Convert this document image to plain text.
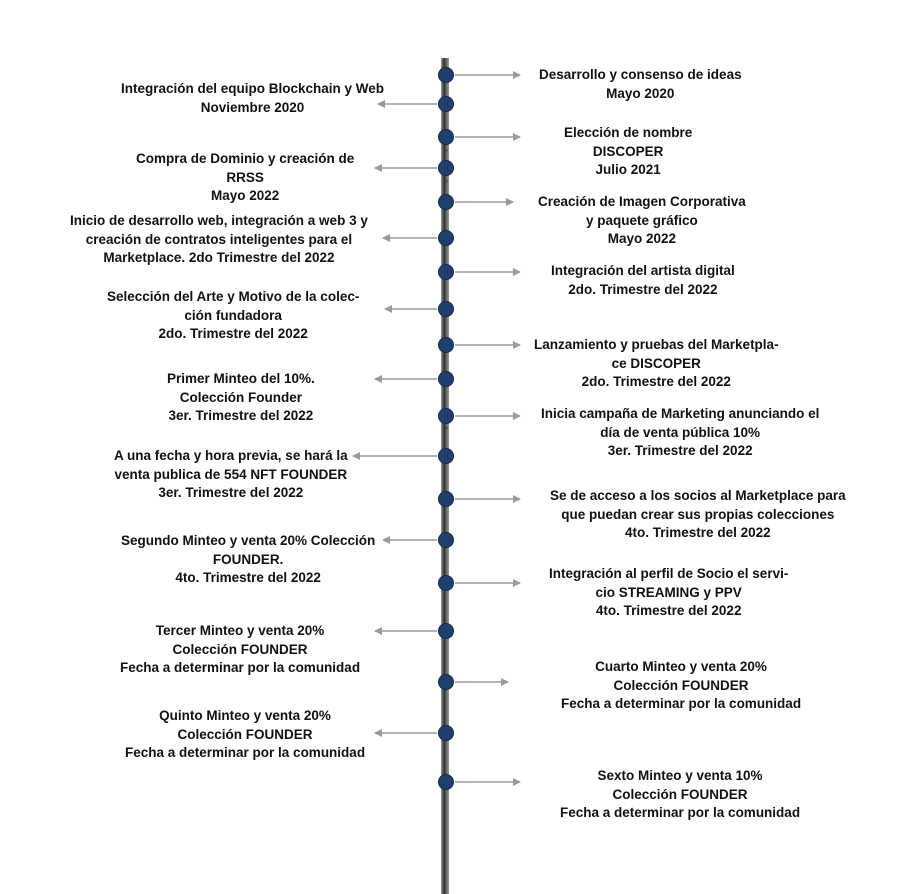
Desarrollo y consenso de ideas
Mayo 2020
Elección de nombre
DISCOPER
Julio 2021
Creación de Imagen Corporativa
y paquete gráfico
Mayo 2022
Integración del artista digital
2do. Trimestre del 2022
Lanzamiento y pruebas del Marketpla-
ce DISCOPER
2do. Trimestre del 2022
Inicia campaña de Marketing anunciando el
día de venta pública 10%
3er. Trimestre del 2022
Se de acceso a los socios al Marketplace para
que puedan crear sus propias colecciones
4to. Trimestre del 2022
Integración al perfil de Socio el servi-
cio STREAMING y PPV
4to. Trimestre del 2022
Cuarto Minteo y venta 20%
Colección FOUNDER
Fecha a determinar por la comunidad
Sexto Minteo y venta 10%
Colección FOUNDER
Fecha a determinar por la comunidad
Integración del equipo Blockchain y Web
Noviembre 2020
Compra de Dominio y creación de
RRSS
Mayo 2022
Inicio de desarrollo web, integración a web 3 y
creación de contratos inteligentes para el
Marketplace. 2do Trimestre del 2022
Selección del Arte y Motivo de la colec-
ción fundadora
2do. Trimestre del 2022
Primer Minteo del 10%.
Colección Founder
3er. Trimestre del 2022
A una fecha y hora previa, se hará la
venta publica de 554 NFT FOUNDER
3er. Trimestre del 2022
Segundo Minteo y venta 20% Colección
FOUNDER.
4to. Trimestre del 2022
Tercer Minteo y venta 20%
Colección FOUNDER
Fecha a determinar por la comunidad
Quinto Minteo y venta 20%
Colección FOUNDER
Fecha a determinar por la comunidad
˅
˅
˅
